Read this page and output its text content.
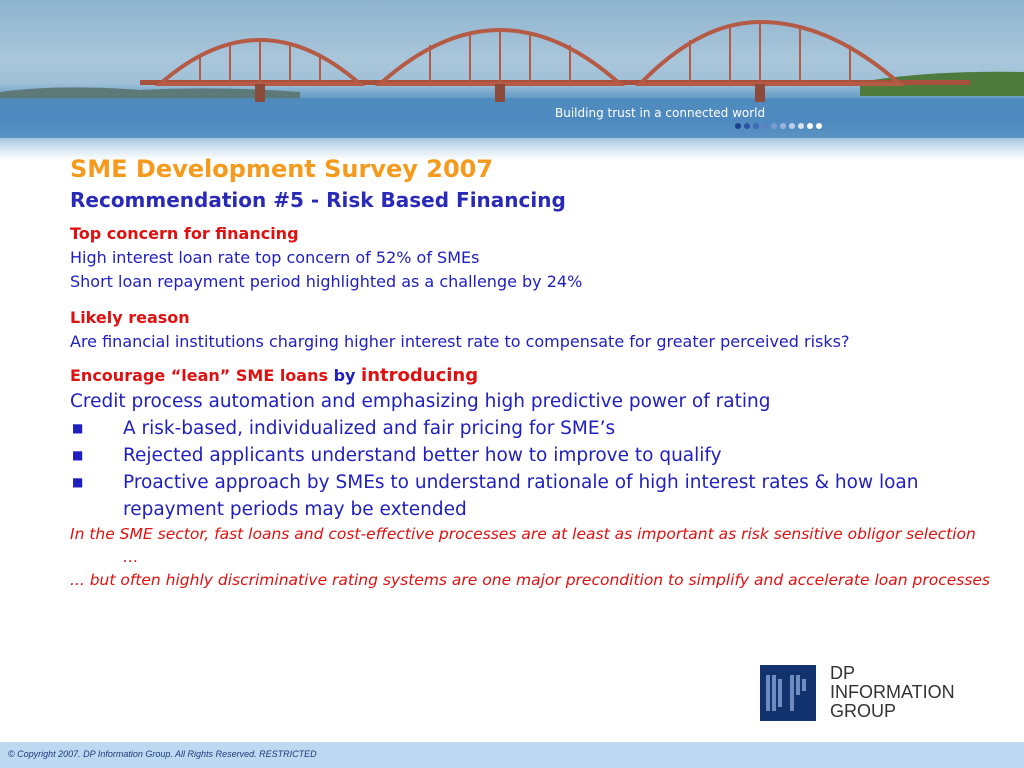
Building trust in a connected world
SME Development Survey 2007
Recommendation #5 - Risk Based Financing
Top concern for financing
High interest loan rate top concern of 52% of SMEs
Short loan repayment period highlighted as a challenge by 24%
Likely reason
Are financial institutions charging higher interest rate to compensate for greater perceived risks?
Encourage “lean” SME loans by introducing
Credit process automation and emphasizing high predictive power of rating
■ A risk-based, individualized and fair pricing for SME’s
■ Rejected applicants understand better how to improve to qualify
■ Proactive approach by SMEs to understand rationale of high interest rates & how loan repayment periods may be extended
In the SME sector, fast loans and cost-effective processes are at least as important as risk sensitive obligor selection …
... but often highly discriminative rating systems are one major precondition to simplify and accelerate loan processes
DP
INFORMATION
GROUP
© Copyright 2007. DP Information Group. All Rights Reserved. RESTRICTED
